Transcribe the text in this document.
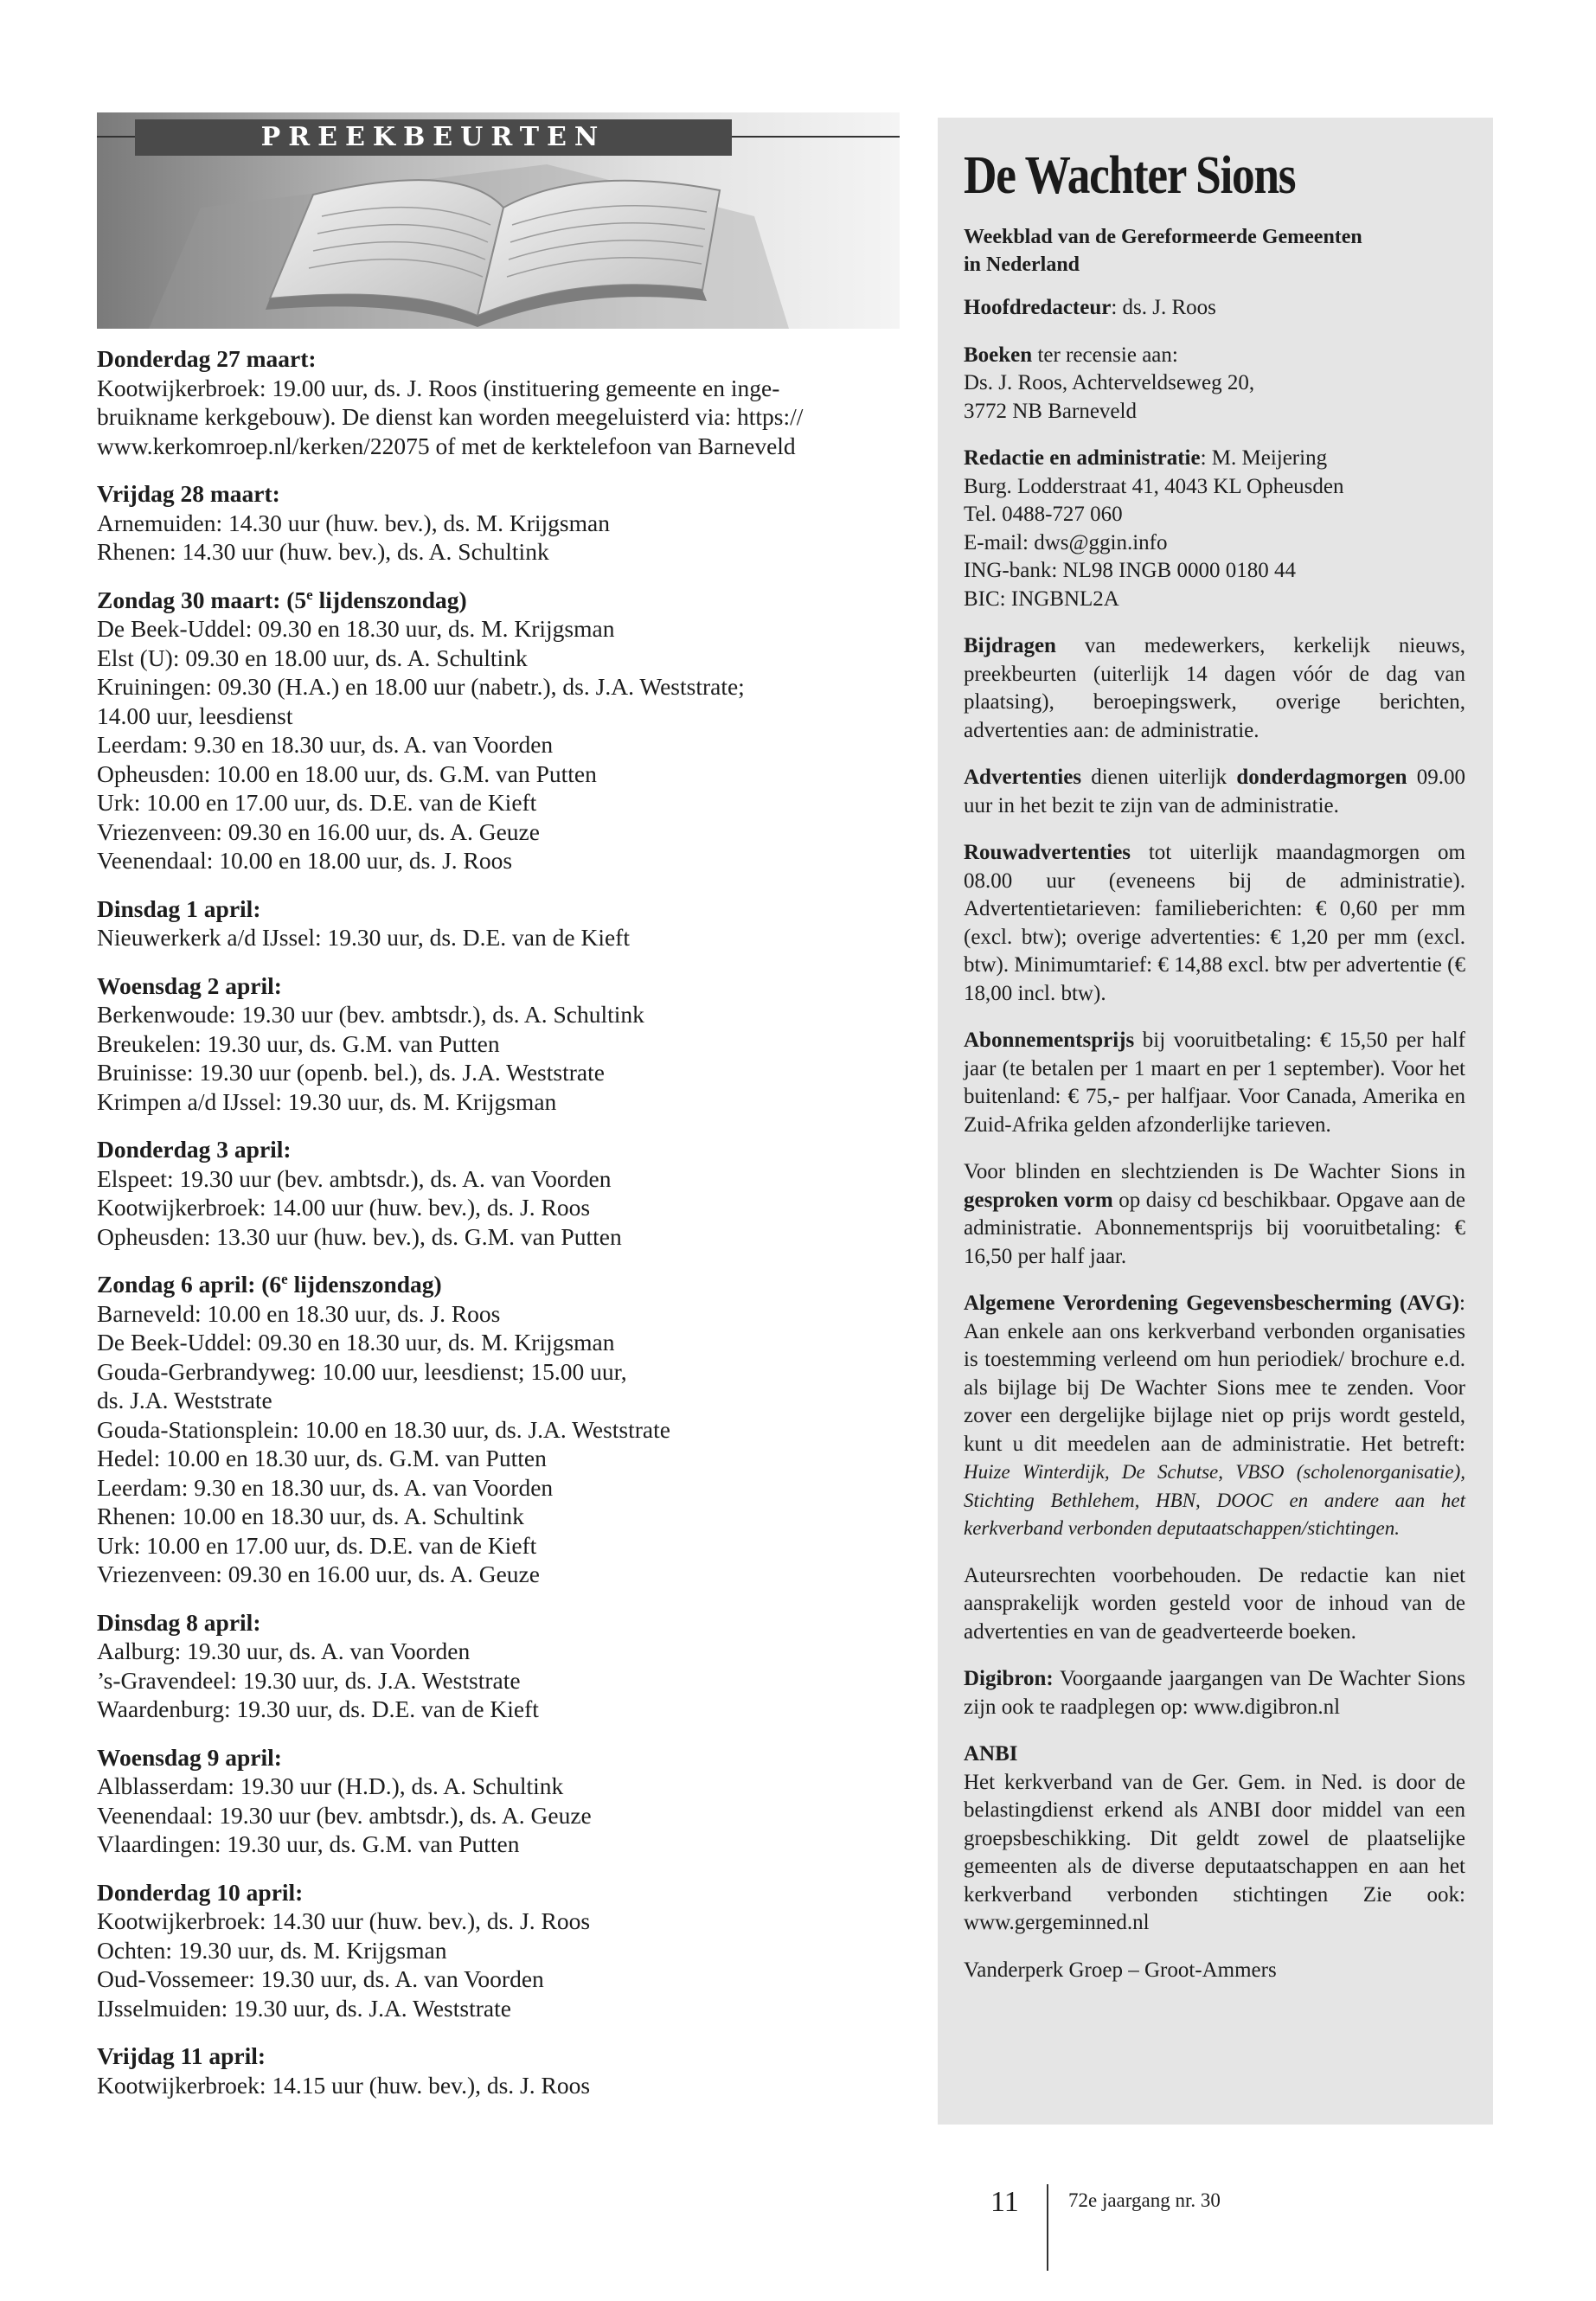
PREEKBEURTEN
Donderdag 27 maart:
Kootwijkerbroek: 19.00 uur, ds. J. Roos (instituering gemeente en inge-
bruikname kerkgebouw). De dienst kan worden meegeluisterd via: https://
www.kerkomroep.nl/kerken/22075 of met de kerktelefoon van Barneveld
Vrijdag 28 maart:
Arnemuiden: 14.30 uur (huw. bev.), ds. M. Krijgsman
Rhenen: 14.30 uur (huw. bev.), ds. A. Schultink
Zondag 30 maart: (5e lijdenszondag)
De Beek-Uddel: 09.30 en 18.30 uur, ds. M. Krijgsman
Elst (U): 09.30 en 18.00 uur, ds. A. Schultink
Kruiningen: 09.30 (H.A.) en 18.00 uur (nabetr.), ds. J.A. Weststrate;
14.00 uur, leesdienst
Leerdam: 9.30 en 18.30 uur, ds. A. van Voorden
Opheusden: 10.00 en 18.00 uur, ds. G.M. van Putten
Urk: 10.00 en 17.00 uur, ds. D.E. van de Kieft
Vriezenveen: 09.30 en 16.00 uur, ds. A. Geuze
Veenendaal: 10.00 en 18.00 uur, ds. J. Roos
Dinsdag 1 april:
Nieuwerkerk a/d IJssel: 19.30 uur, ds. D.E. van de Kieft
Woensdag 2 april:
Berkenwoude: 19.30 uur (bev. ambtsdr.), ds. A. Schultink
Breukelen: 19.30 uur, ds. G.M. van Putten
Bruinisse: 19.30 uur (openb. bel.), ds. J.A. Weststrate
Krimpen a/d IJssel: 19.30 uur, ds. M. Krijgsman
Donderdag 3 april:
Elspeet: 19.30 uur (bev. ambtsdr.), ds. A. van Voorden
Kootwijkerbroek: 14.00 uur (huw. bev.), ds. J. Roos
Opheusden: 13.30 uur (huw. bev.), ds. G.M. van Putten
Zondag 6 april: (6e lijdenszondag)
Barneveld: 10.00 en 18.30 uur, ds. J. Roos
De Beek-Uddel: 09.30 en 18.30 uur, ds. M. Krijgsman
Gouda-Gerbrandyweg: 10.00 uur, leesdienst; 15.00 uur,
ds. J.A. Weststrate
Gouda-Stationsplein: 10.00 en 18.30 uur, ds. J.A. Weststrate
Hedel: 10.00 en 18.30 uur, ds. G.M. van Putten
Leerdam: 9.30 en 18.30 uur, ds. A. van Voorden
Rhenen: 10.00 en 18.30 uur, ds. A. Schultink
Urk: 10.00 en 17.00 uur, ds. D.E. van de Kieft
Vriezenveen: 09.30 en 16.00 uur, ds. A. Geuze
Dinsdag 8 april:
Aalburg: 19.30 uur, ds. A. van Voorden
’s-Gravendeel: 19.30 uur, ds. J.A. Weststrate
Waardenburg: 19.30 uur, ds. D.E. van de Kieft
Woensdag 9 april:
Alblasserdam: 19.30 uur (H.D.), ds. A. Schultink
Veenendaal: 19.30 uur (bev. ambtsdr.), ds. A. Geuze
Vlaardingen: 19.30 uur, ds. G.M. van Putten
Donderdag 10 april:
Kootwijkerbroek: 14.30 uur (huw. bev.), ds. J. Roos
Ochten: 19.30 uur, ds. M. Krijgsman
Oud-Vossemeer: 19.30 uur, ds. A. van Voorden
IJsselmuiden: 19.30 uur, ds. J.A. Weststrate
Vrijdag 11 april:
Kootwijkerbroek: 14.15 uur (huw. bev.), ds. J. Roos
De Wachter Sions
Weekblad van de Gereformeerde Gemeenten
in Nederland
Hoofdredacteur: ds. J. Roos
Boeken ter recensie aan:
Ds. J. Roos, Achterveldseweg 20,
3772 NB Barneveld
Redactie en administratie: M. Meijering
Burg. Lodderstraat 41, 4043 KL Opheusden
Tel. 0488-727 060
E-mail: dws@ggin.info
ING-bank: NL98 INGB 0000 0180 44
BIC: INGBNL2A
Bijdragen van medewerkers, kerkelijk nieuws, preekbeurten (uiterlijk 14 dagen vóór de dag van plaatsing), beroepingswerk, overige berichten, advertenties aan: de administratie.
Advertenties dienen uiterlijk donderdagmorgen 09.00 uur in het bezit te zijn van de administratie.
Rouwadvertenties tot uiterlijk maandagmorgen om 08.00 uur (eveneens bij de administratie). Advertentietarieven: familieberichten: € 0,60 per mm (excl. btw); overige advertenties: € 1,20 per mm (excl. btw). Minimumtarief: € 14,88 excl. btw per advertentie (€ 18,00 incl. btw).
Abonnementsprijs bij vooruitbetaling: € 15,50 per half jaar (te betalen per 1 maart en per 1 september). Voor het buitenland: € 75,- per halfjaar. Voor Canada, Amerika en Zuid-Afrika gelden afzonderlijke tarieven.
Voor blinden en slechtzienden is De Wachter Sions in gesproken vorm op daisy cd beschikbaar. Opgave aan de administratie. Abonnementsprijs bij vooruitbetaling: € 16,50 per half jaar.
Algemene Verordening Gegevensbescherming (AVG): Aan enkele aan ons kerkverband verbonden organisaties is toestemming verleend om hun periodiek/ brochure e.d. als bijlage bij De Wachter Sions mee te zenden. Voor zover een dergelijke bijlage niet op prijs wordt gesteld, kunt u dit meedelen aan de administratie. Het betreft: Huize Winterdijk, De Schutse, VBSO (scholenorganisatie), Stichting Bethlehem, HBN, DOOC en andere aan het kerkverband verbonden deputaatschappen/stichtingen.
Auteursrechten voorbehouden. De redactie kan niet aansprakelijk worden gesteld voor de inhoud van de advertenties en van de geadverteerde boeken.
Digibron: Voorgaande jaargangen van De Wachter Sions zijn ook te raadplegen op: www.digibron.nl
ANBI
Het kerkverband van de Ger. Gem. in Ned. is door de belastingdienst erkend als ANBI door middel van een groepsbeschikking. Dit geldt zowel de plaatselijke gemeenten als de diverse deputaatschappen en aan het kerkverband verbonden stichtingen Zie ook: www.gergeminned.nl
Vanderperk Groep – Groot-Ammers
11 72e jaargang nr. 30
